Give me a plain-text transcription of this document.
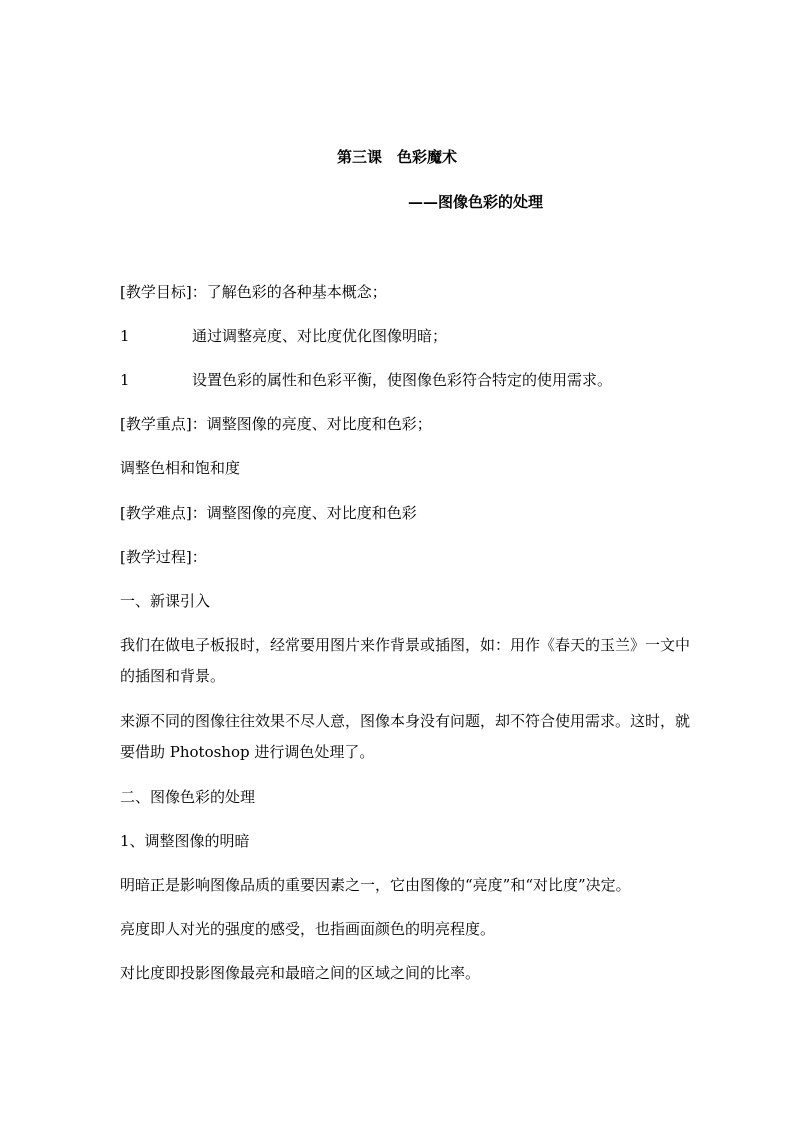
第三课　色彩魔术
——图像色彩的处理
[教学目标]：了解色彩的各种基本概念；
1	通过调整亮度、对比度优化图像明暗；
1	设置色彩的属性和色彩平衡，使图像色彩符合特定的使用需求。
[教学重点]：调整图像的亮度、对比度和色彩；
调整色相和饱和度
[教学难点]：调整图像的亮度、对比度和色彩
[教学过程]：
一、新课引入
我们在做电子板报时，经常要用图片来作背景或插图，如：用作《春天的玉兰》一文中的插图和背景。
来源不同的图像往往效果不尽人意，图像本身没有问题，却不符合使用需求。这时，就要借助 Photoshop 进行调色处理了。
二、图像色彩的处理
1、调整图像的明暗
明暗正是影响图像品质的重要因素之一，它由图像的“亮度”和“对比度”决定。
亮度即人对光的强度的感受，也指画面颜色的明亮程度。
对比度即投影图像最亮和最暗之间的区域之间的比率。
